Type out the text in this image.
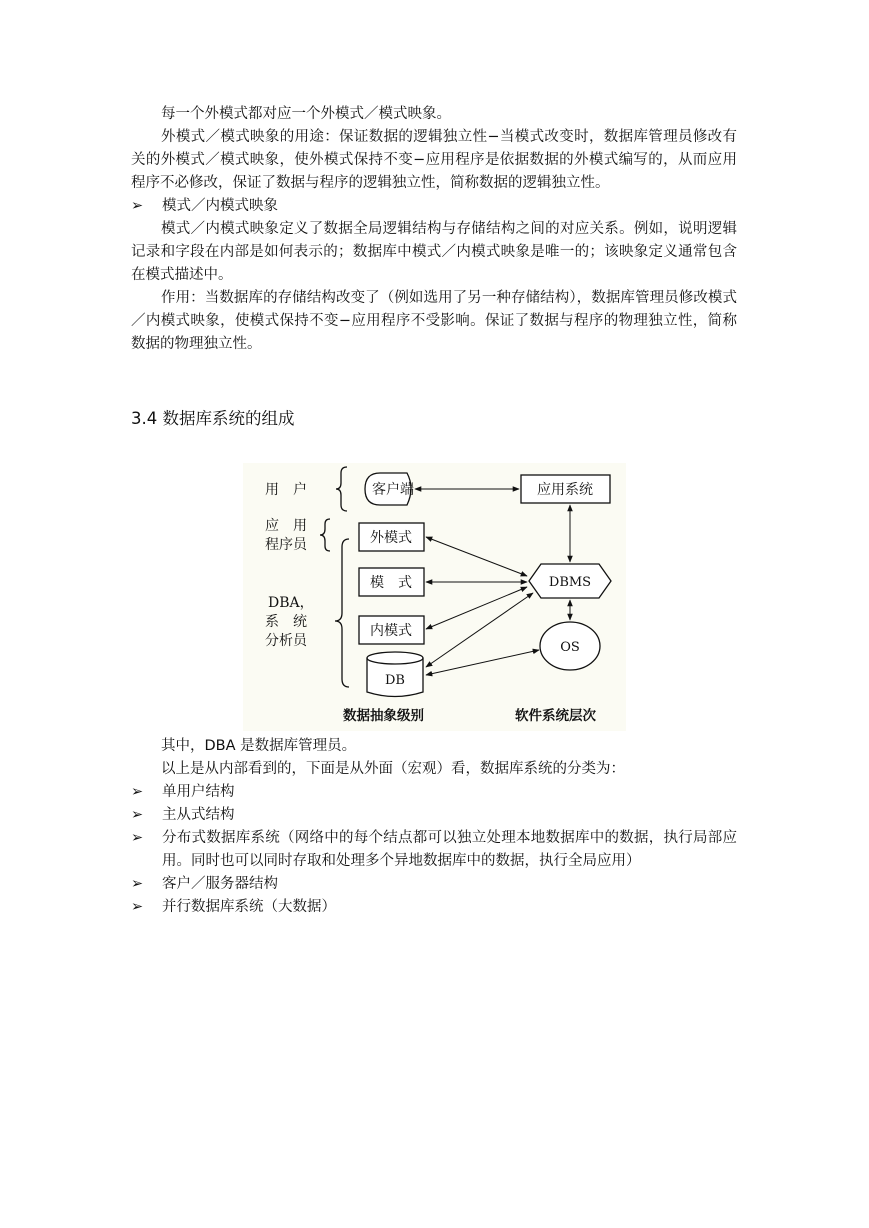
每一个外模式都对应一个外模式／模式映象。

外模式／模式映象的用途：保证数据的逻辑独立性−当模式改变时，数据库管理员修改有关的外模式／模式映象，使外模式保持不变−应用程序是依据数据的外模式编写的，从而应用程序不必修改，保证了数据与程序的逻辑独立性，简称数据的逻辑独立性。

➢	模式／内模式映象

模式／内模式映象定义了数据全局逻辑结构与存储结构之间的对应关系。例如，说明逻辑记录和字段在内部是如何表示的；数据库中模式／内模式映象是唯一的；该映象定义通常包含在模式描述中。

作用：当数据库的存储结构改变了（例如选用了另一种存储结构），数据库管理员修改模式／内模式映象，使模式保持不变−应用程序不受影响。保证了数据与程序的物理独立性，简称数据的物理独立性。

3.4 数据库系统的组成
用　户
应　用
程序员
DBA，
系　统
分析员
客户端	应用系统
外模式
模　式
内模式
DB
DBMS
OS
数据抽象级别	软件系统层次

其中，DBA 是数据库管理员。

以上是从内部看到的，下面是从外面（宏观）看，数据库系统的分类为：

➢	单用户结构
➢	主从式结构
➢	分布式数据库系统（网络中的每个结点都可以独立处理本地数据库中的数据，执行局部应用。同时也可以同时存取和处理多个异地数据库中的数据，执行全局应用）
➢	客户／服务器结构
➢	并行数据库系统（大数据）
